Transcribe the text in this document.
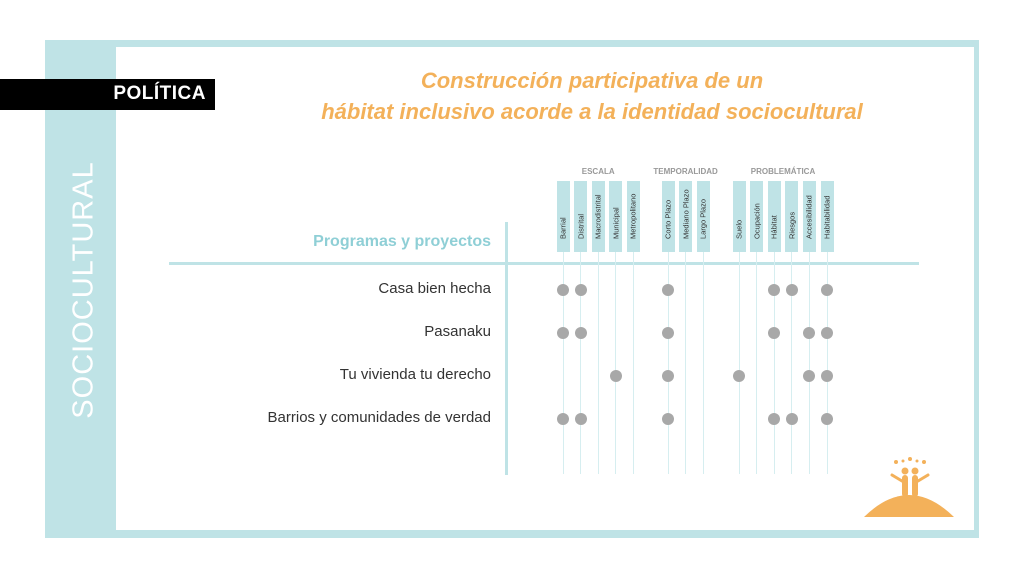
SOCIOCULTURAL
POLÍTICA
Construcción participativa de un
hábitat inclusivo acorde a la identidad sociocultural
Programas y proyectos
ESCALA
Barrial Distrital Macrodistrital Municipal Metropolitano
TEMPORALIDAD
Corto Plazo Mediano Plazo Largo Plazo
PROBLEMÁTICA
Suelo Ocupación Hábitat Riesgos Accesibilidad Habitabilidad
Casa bien hecha
Pasanaku
Tu vivienda tu derecho
Barrios y comunidades de verdad
